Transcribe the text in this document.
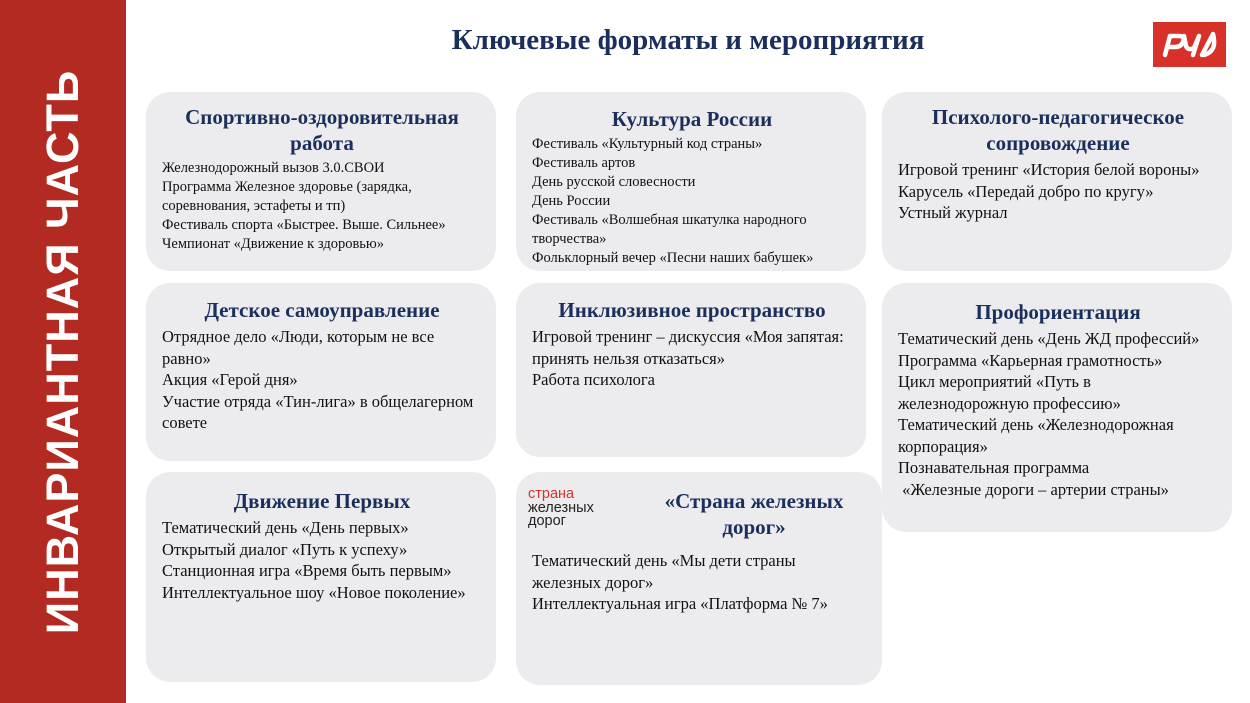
ИНВАРИАНТНАЯ ЧАСТЬ
Ключевые форматы и мероприятия
Спортивно-оздоровительная работа
Железнодорожный вызов 3.0.СВОИ
Программа Железное здоровье (зарядка, соревнования, эстафеты и тп)
Фестиваль спорта «Быстрее. Выше. Сильнее»
Чемпионат «Движение к здоровью»
Культура России
Фестиваль «Культурный код страны»
Фестиваль артов
День русской словесности
День России
Фестиваль «Волшебная шкатулка народного творчества»
Фольклорный вечер «Песни наших бабушек»
Психолого-педагогическое сопровождение
Игровой тренинг «История белой вороны»
Карусель «Передай добро по кругу»
Устный журнал
Детское самоуправление
Отрядное дело «Люди, которым не все равно»
Акция «Герой дня»
Участие отряда «Тин-лига» в общелагерном совете
Инклюзивное пространство
Игровой тренинг – дискуссия «Моя запятая: принять нельзя отказаться»
Работа психолога
Профориентация
Тематический день «День ЖД профессий»
Программа «Карьерная грамотность»
Цикл мероприятий «Путь в железнодорожную профессию»
Тематический день «Железнодорожная корпорация»
Познавательная программа
«Железные дороги – артерии страны»
Движение Первых
Тематический день «День первых»
Открытый диалог «Путь к успеху»
Станционная игра «Время быть первым»
Интеллектуальное шоу «Новое поколение»
страна
железных
дорог
«Страна железных дорог»
Тематический день «Мы дети страны железных дорог»
Интеллектуальная игра «Платформа № 7»
